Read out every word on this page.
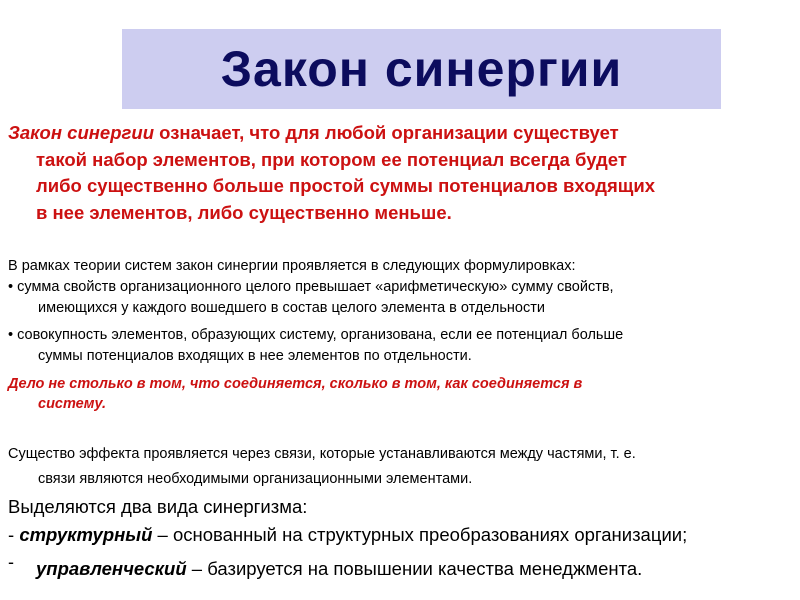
Закон синергии
Закон синергии означает, что для любой организации существует
такой набор элементов, при котором ее потенциал всегда будет
либо существенно больше простой суммы потенциалов входящих
в нее элементов, либо существенно меньше.
В рамках теории систем закон синергии проявляется в следующих формулировках:
• сумма свойств организационного целого превышает «арифметическую» сумму свойств,
имеющихся у каждого вошедшего в состав целого элемента в отдельности
• совокупность элементов, образующих систему, организована, если ее потенциал больше
суммы потенциалов входящих в нее элементов по отдельности.
Дело не столько в том, что соединяется, сколько в том, как соединяется в
систему.
Существо эффекта проявляется через связи, которые устанавливаются между частями, т. е.
связи являются необходимыми организационными элементами.
Выделяются два вида синергизма:
- структурный – основанный на структурных преобразованиях организации;
- управленческий – базируется на повышении качества менеджмента.
